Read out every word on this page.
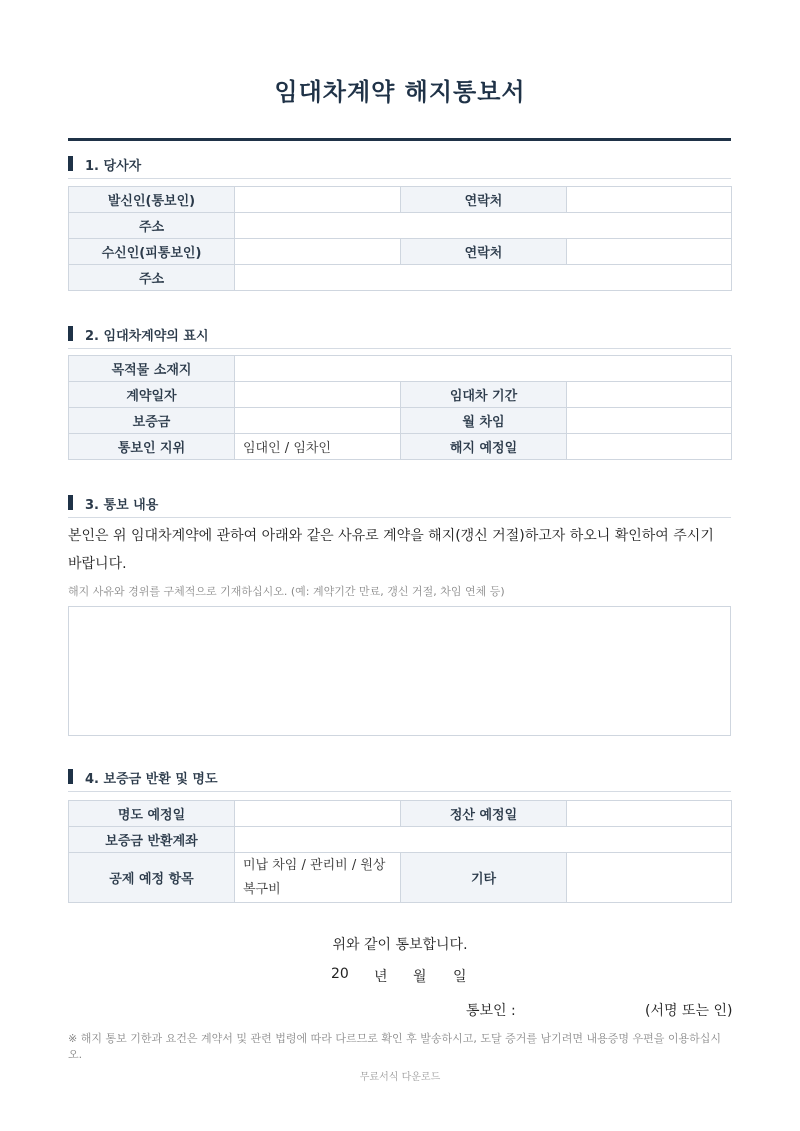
임대차계약 해지통보서
1. 당사자
발신인(통보인)		연락처	
주소			
수신인(피통보인)		연락처	
주소			
2. 임대차계약의 표시
목적물 소재지			
계약일자		임대차 기간	
보증금		월 차임	
통보인 지위	임대인 / 임차인	해지 예정일	
3. 통보 내용
본인은 위 임대차계약에 관하여 아래와 같은 사유로 계약을 해지(갱신 거절)하고자 하오니 확인하여 주시기 바랍니다.
해지 사유와 경위를 구체적으로 기재하십시오. (예: 계약기간 만료, 갱신 거절, 차임 연체 등)
4. 보증금 반환 및 명도
명도 예정일		정산 예정일	
보증금 반환계좌			
공제 예정 항목	미납 차임 / 관리비 / 원상복구비	기타	
위와 같이 통보합니다.
20 년 월 일
통보인 :	(서명 또는 인)
※ 해지 통보 기한과 요건은 계약서 및 관련 법령에 따라 다르므로 확인 후 발송하시고, 도달 증거를 남기려면 내용증명 우편을 이용하십시오.
무료서식 다운로드
